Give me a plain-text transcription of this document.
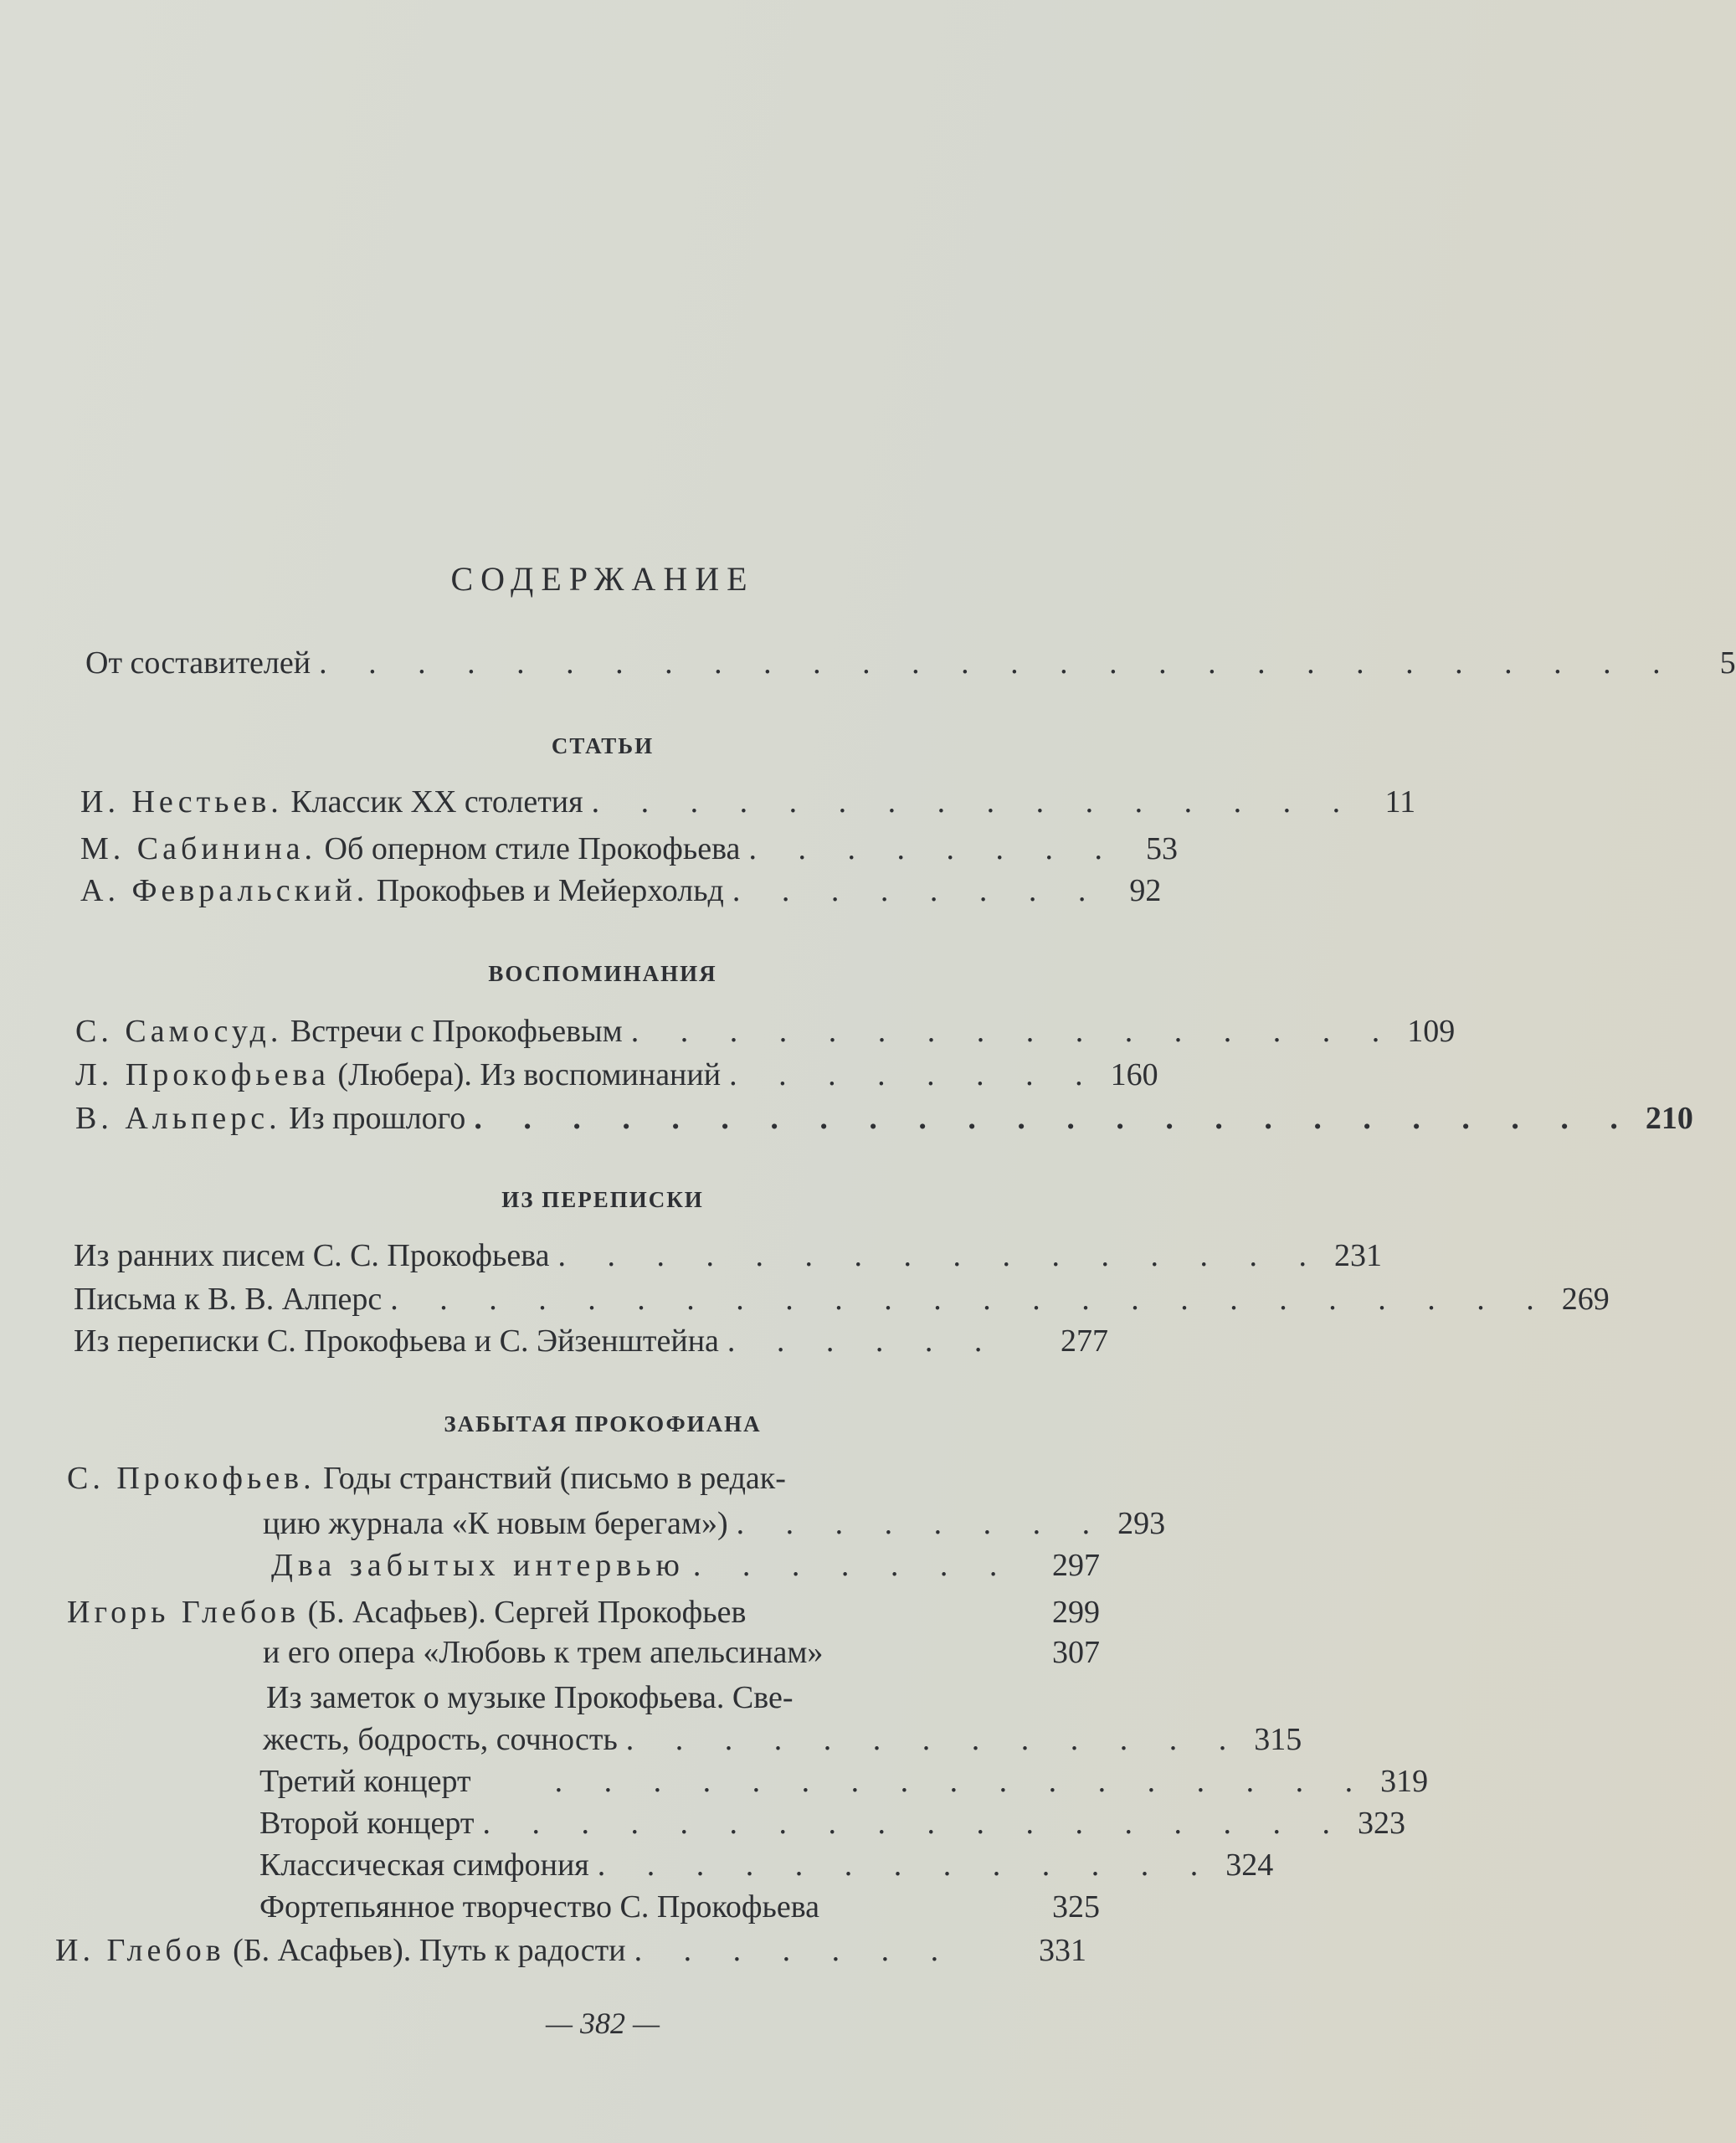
СОДЕРЖАНИЕ
От составителей . . . . . . . . . . . . . . . . . . . . . . . . . . . .	5
СТАТЬИ
И. Нестьев. Классик XX столетия . . . . . . . . . . . . . . . . 11
М. Сабинина. Об оперном стиле Прокофьева . . . . . . . . 53
А. Февральский. Прокофьев и Мейерхольд . . . . . . . . 92
ВОСПОМИНАНИЯ
С. Самосуд. Встречи с Прокофьевым . . . . . . . . . . . . . . . . 109
Л. Прокофьева (Любера). Из воспоминаний . . . . . . . . 160
В. Альперс. Из прошлого . . . . . . . . . . . . . . . . . . . . . . . . 210
ИЗ ПЕРЕПИСКИ
Из ранних писем С. С. Прокофьева . . . . . . . . . . . . . . . . 231
Письма к В. В. Алперс . . . . . . . . . . . . . . . . . . . . . . . . 269
Из переписки С. Прокофьева и С. Эйзенштейна . . . . . .	277
ЗАБЫТАЯ ПРОКОФИАНА
С. Прокофьев. Годы странствий (письмо в редак-
цию журнала «К новым берегам») . . . . . . . . 293
Два забытых интервью . . . . . . .	297
Игорь Глебов (Б. Асафьев). Сергей Прокофьев	299
и его опера «Любовь к трем апельсинам»	307
Из заметок о музыке Прокофьева. Све-
жесть, бодрость, сочность . . . . . . . . . . . . . 315
Третий концерт	. . . . . . . . . . . . . . . . . 319
Второй концерт . . . . . . . . . . . . . . . . . . 323
Классическая симфония . . . . . . . . . . . . . 324
Фортепьянное творчество С. Прокофьева	325
И. Глебов (Б. Асафьев). Путь к радости . . . . . . .	331
— 382 —
